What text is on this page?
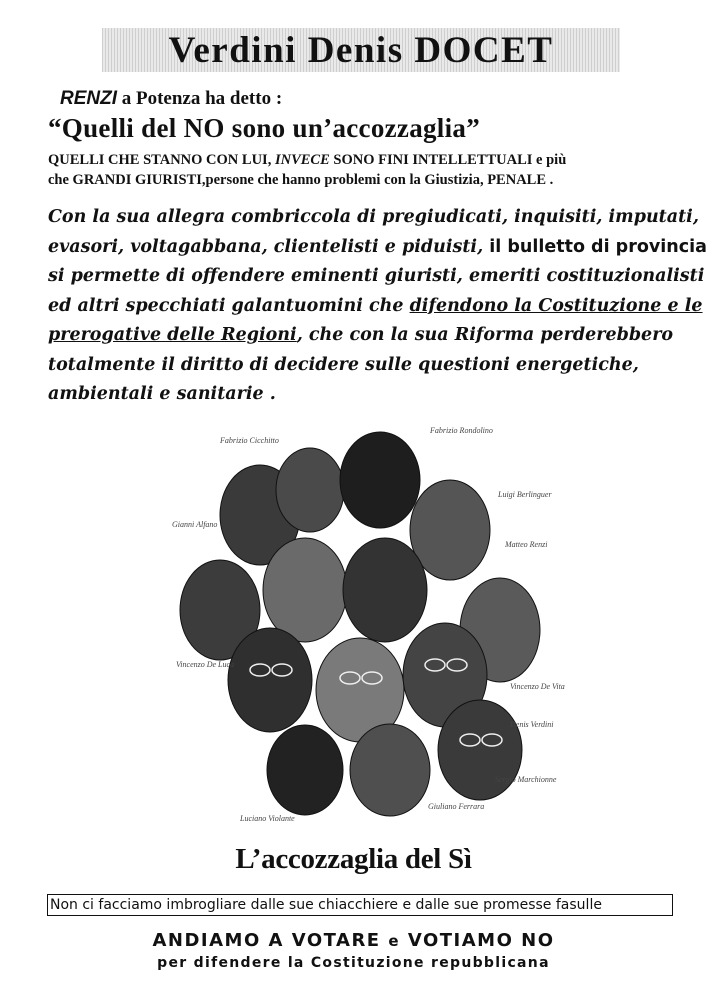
Verdini Denis DOCET
RENZI a Potenza ha detto :
“Quelli del NO sono un’accozzaglia”
QUELLI CHE STANNO CON LUI, INVECE SONO FINI INTELLETTUALI e più
che GRANDI GIURISTI,persone che hanno problemi con la Giustizia, PENALE .
Con la sua allegra combriccola di pregiudicati, inquisiti, imputati,
evasori, voltagabbana, clientelisti e piduisti, il bulletto di provincia
si permette di offendere eminenti giuristi, emeriti costituzionalisti
ed altri specchiati galantuomini che difendono la Costituzione e le
prerogative delle Regioni, che con la sua Riforma perderebbero
totalmente il diritto di decidere sulle questioni energetiche,
ambientali e sanitarie .
Fabrizio Cicchitto
Fabrizio Rondolino
Gianni Alfano
Luigi Berlinguer
Matteo Renzi
Vincenzo De Luca
Vincenzo De Vita
Denis Verdini
Sergio Marchionne
Giuliano Ferrara
Luciano Violante
L’accozzaglia del Sì
Non ci facciamo imbrogliare dalle sue chiacchiere e dalle sue promesse fasulle
ANDIAMO A VOTARE e VOTIAMO NO
per difendere la Costituzione repubblicana
